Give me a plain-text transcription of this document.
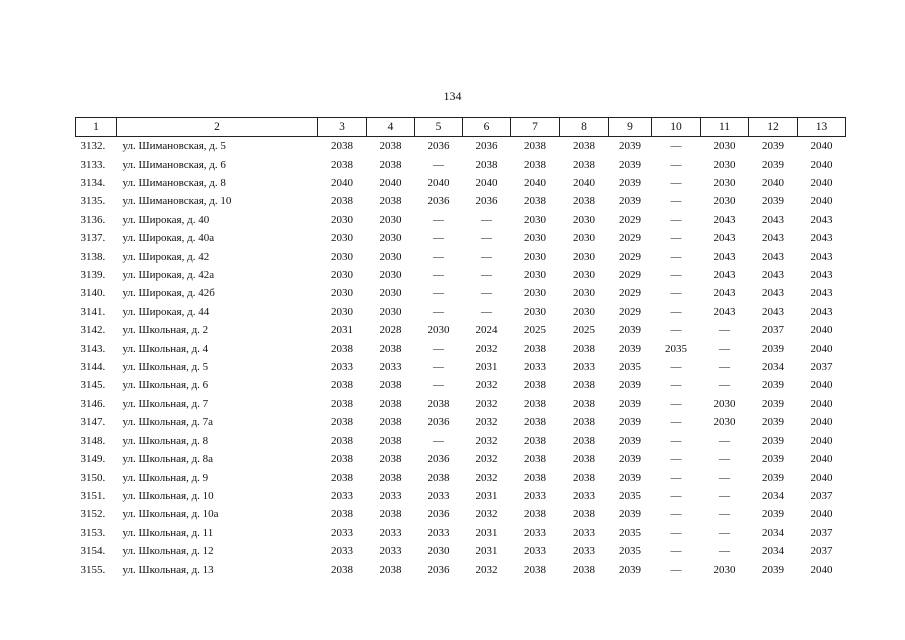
134
1	2	3	4	5	6	7	8	9	10	11	12	13
3132.	ул. Шимановская, д. 5	2038	2038	2036	2036	2038	2038	2039	—	2030	2039	2040
3133.	ул. Шимановская, д. 6	2038	2038	—	2038	2038	2038	2039	—	2030	2039	2040
3134.	ул. Шимановская, д. 8	2040	2040	2040	2040	2040	2040	2039	—	2030	2040	2040
3135.	ул. Шимановская, д. 10	2038	2038	2036	2036	2038	2038	2039	—	2030	2039	2040
3136.	ул. Широкая, д. 40	2030	2030	—	—	2030	2030	2029	—	2043	2043	2043
3137.	ул. Широкая, д. 40а	2030	2030	—	—	2030	2030	2029	—	2043	2043	2043
3138.	ул. Широкая, д. 42	2030	2030	—	—	2030	2030	2029	—	2043	2043	2043
3139.	ул. Широкая, д. 42а	2030	2030	—	—	2030	2030	2029	—	2043	2043	2043
3140.	ул. Широкая, д. 42б	2030	2030	—	—	2030	2030	2029	—	2043	2043	2043
3141.	ул. Широкая, д. 44	2030	2030	—	—	2030	2030	2029	—	2043	2043	2043
3142.	ул. Школьная, д. 2	2031	2028	2030	2024	2025	2025	2039	—	—	2037	2040
3143.	ул. Школьная, д. 4	2038	2038	—	2032	2038	2038	2039	2035	—	2039	2040
3144.	ул. Школьная, д. 5	2033	2033	—	2031	2033	2033	2035	—	—	2034	2037
3145.	ул. Школьная, д. 6	2038	2038	—	2032	2038	2038	2039	—	—	2039	2040
3146.	ул. Школьная, д. 7	2038	2038	2038	2032	2038	2038	2039	—	2030	2039	2040
3147.	ул. Школьная, д. 7а	2038	2038	2036	2032	2038	2038	2039	—	2030	2039	2040
3148.	ул. Школьная, д. 8	2038	2038	—	2032	2038	2038	2039	—	—	2039	2040
3149.	ул. Школьная, д. 8а	2038	2038	2036	2032	2038	2038	2039	—	—	2039	2040
3150.	ул. Школьная, д. 9	2038	2038	2038	2032	2038	2038	2039	—	—	2039	2040
3151.	ул. Школьная, д. 10	2033	2033	2033	2031	2033	2033	2035	—	—	2034	2037
3152.	ул. Школьная, д. 10а	2038	2038	2036	2032	2038	2038	2039	—	—	2039	2040
3153.	ул. Школьная, д. 11	2033	2033	2033	2031	2033	2033	2035	—	—	2034	2037
3154.	ул. Школьная, д. 12	2033	2033	2030	2031	2033	2033	2035	—	—	2034	2037
3155.	ул. Школьная, д. 13	2038	2038	2036	2032	2038	2038	2039	—	2030	2039	2040
